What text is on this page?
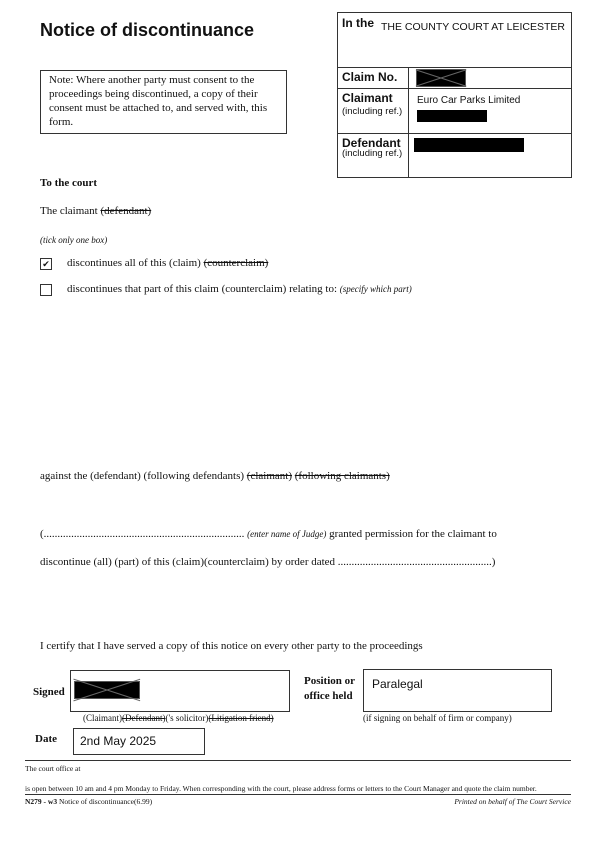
Notice of discontinuance
Note: Where another party must consent to the proceedings being discontinued, a copy of their consent must be attached to, and served with, this form.
In the THE COUNTY COURT AT LEICESTER
Claim No.
Claimant
(including ref.)
Euro Car Parks Limited
Defendant
(including ref.)
To the court
The claimant (defendant)
(tick only one box)
✔ discontinues all of this (claim) (counterclaim)
discontinues that part of this claim (counterclaim) relating to: (specify which part)
against the (defendant) (following defendants) (claimant) (following claimants)
(......................................................................... (enter name of Judge) granted permission for the claimant to
discontinue (all) (part) of this (claim)(counterclaim) by order dated ........................................................)
I certify that I have served a copy of this notice on every other party to the proceedings
Signed
Position or office held
Paralegal
(Claimant)(Defendant)('s solicitor)(Litigation friend)	(if signing on behalf of firm or company)
Date 2nd May 2025
The court office at
is open between 10 am and 4 pm Monday to Friday. When corresponding with the court, please address forms or letters to the Court Manager and quote the claim number.
N279 - w3 Notice of discontinuance(6.99)	Printed on behalf of The Court Service
